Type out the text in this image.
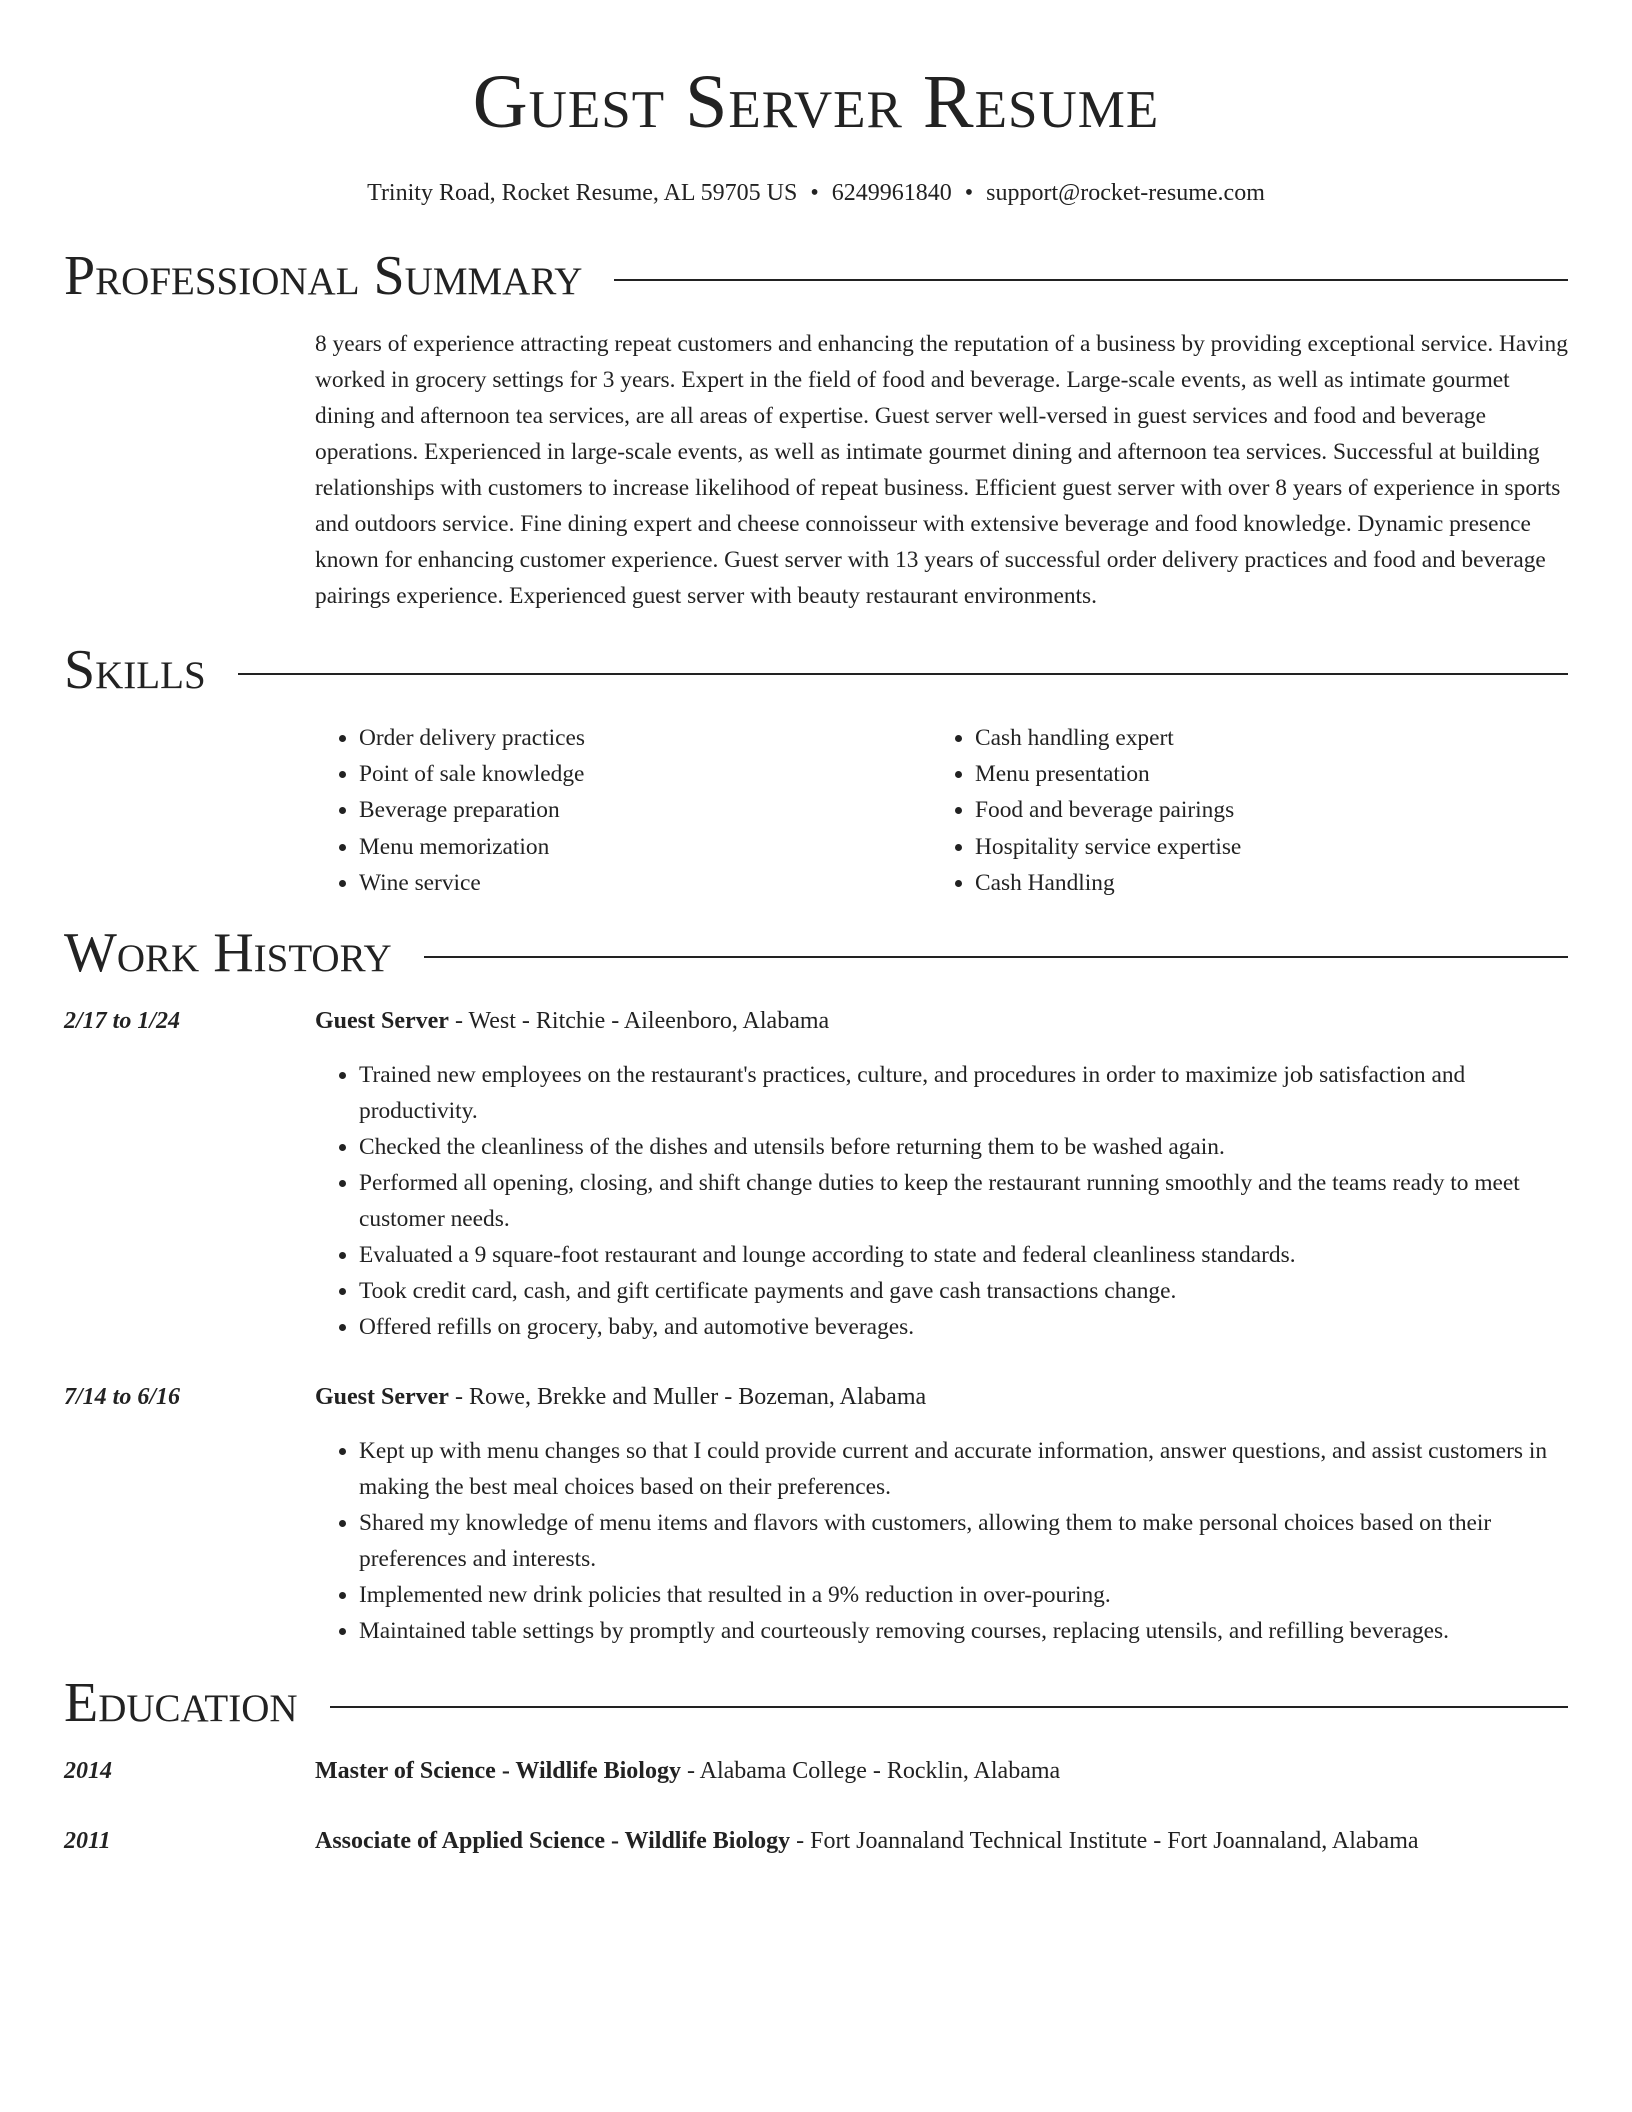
Guest Server Resume
Trinity Road, Rocket Resume, AL 59705 US • 6249961840 • support@rocket-resume.com
Professional Summary
8 years of experience attracting repeat customers and enhancing the reputation of a business by providing exceptional service. Having worked in grocery settings for 3 years. Expert in the field of food and beverage. Large-scale events, as well as intimate gourmet dining and afternoon tea services, are all areas of expertise. Guest server well-versed in guest services and food and beverage operations. Experienced in large-scale events, as well as intimate gourmet dining and afternoon tea services. Successful at building relationships with customers to increase likelihood of repeat business. Efficient guest server with over 8 years of experience in sports and outdoors service. Fine dining expert and cheese connoisseur with extensive beverage and food knowledge. Dynamic presence known for enhancing customer experience. Guest server with 13 years of successful order delivery practices and food and beverage pairings experience. Experienced guest server with beauty restaurant environments.
Skills
• Order delivery practices
• Point of sale knowledge
• Beverage preparation
• Menu memorization
• Wine service
• Cash handling expert
• Menu presentation
• Food and beverage pairings
• Hospitality service expertise
• Cash Handling
Work History
2/17 to 1/24	Guest Server - West - Ritchie - Aileenboro, Alabama
• Trained new employees on the restaurant's practices, culture, and procedures in order to maximize job satisfaction and productivity.
• Checked the cleanliness of the dishes and utensils before returning them to be washed again.
• Performed all opening, closing, and shift change duties to keep the restaurant running smoothly and the teams ready to meet customer needs.
• Evaluated a 9 square-foot restaurant and lounge according to state and federal cleanliness standards.
• Took credit card, cash, and gift certificate payments and gave cash transactions change.
• Offered refills on grocery, baby, and automotive beverages.
7/14 to 6/16	Guest Server - Rowe, Brekke and Muller - Bozeman, Alabama
• Kept up with menu changes so that I could provide current and accurate information, answer questions, and assist customers in making the best meal choices based on their preferences.
• Shared my knowledge of menu items and flavors with customers, allowing them to make personal choices based on their preferences and interests.
• Implemented new drink policies that resulted in a 9% reduction in over-pouring.
• Maintained table settings by promptly and courteously removing courses, replacing utensils, and refilling beverages.
Education
2014	Master of Science - Wildlife Biology - Alabama College - Rocklin, Alabama
2011	Associate of Applied Science - Wildlife Biology - Fort Joannaland Technical Institute - Fort Joannaland, Alabama
